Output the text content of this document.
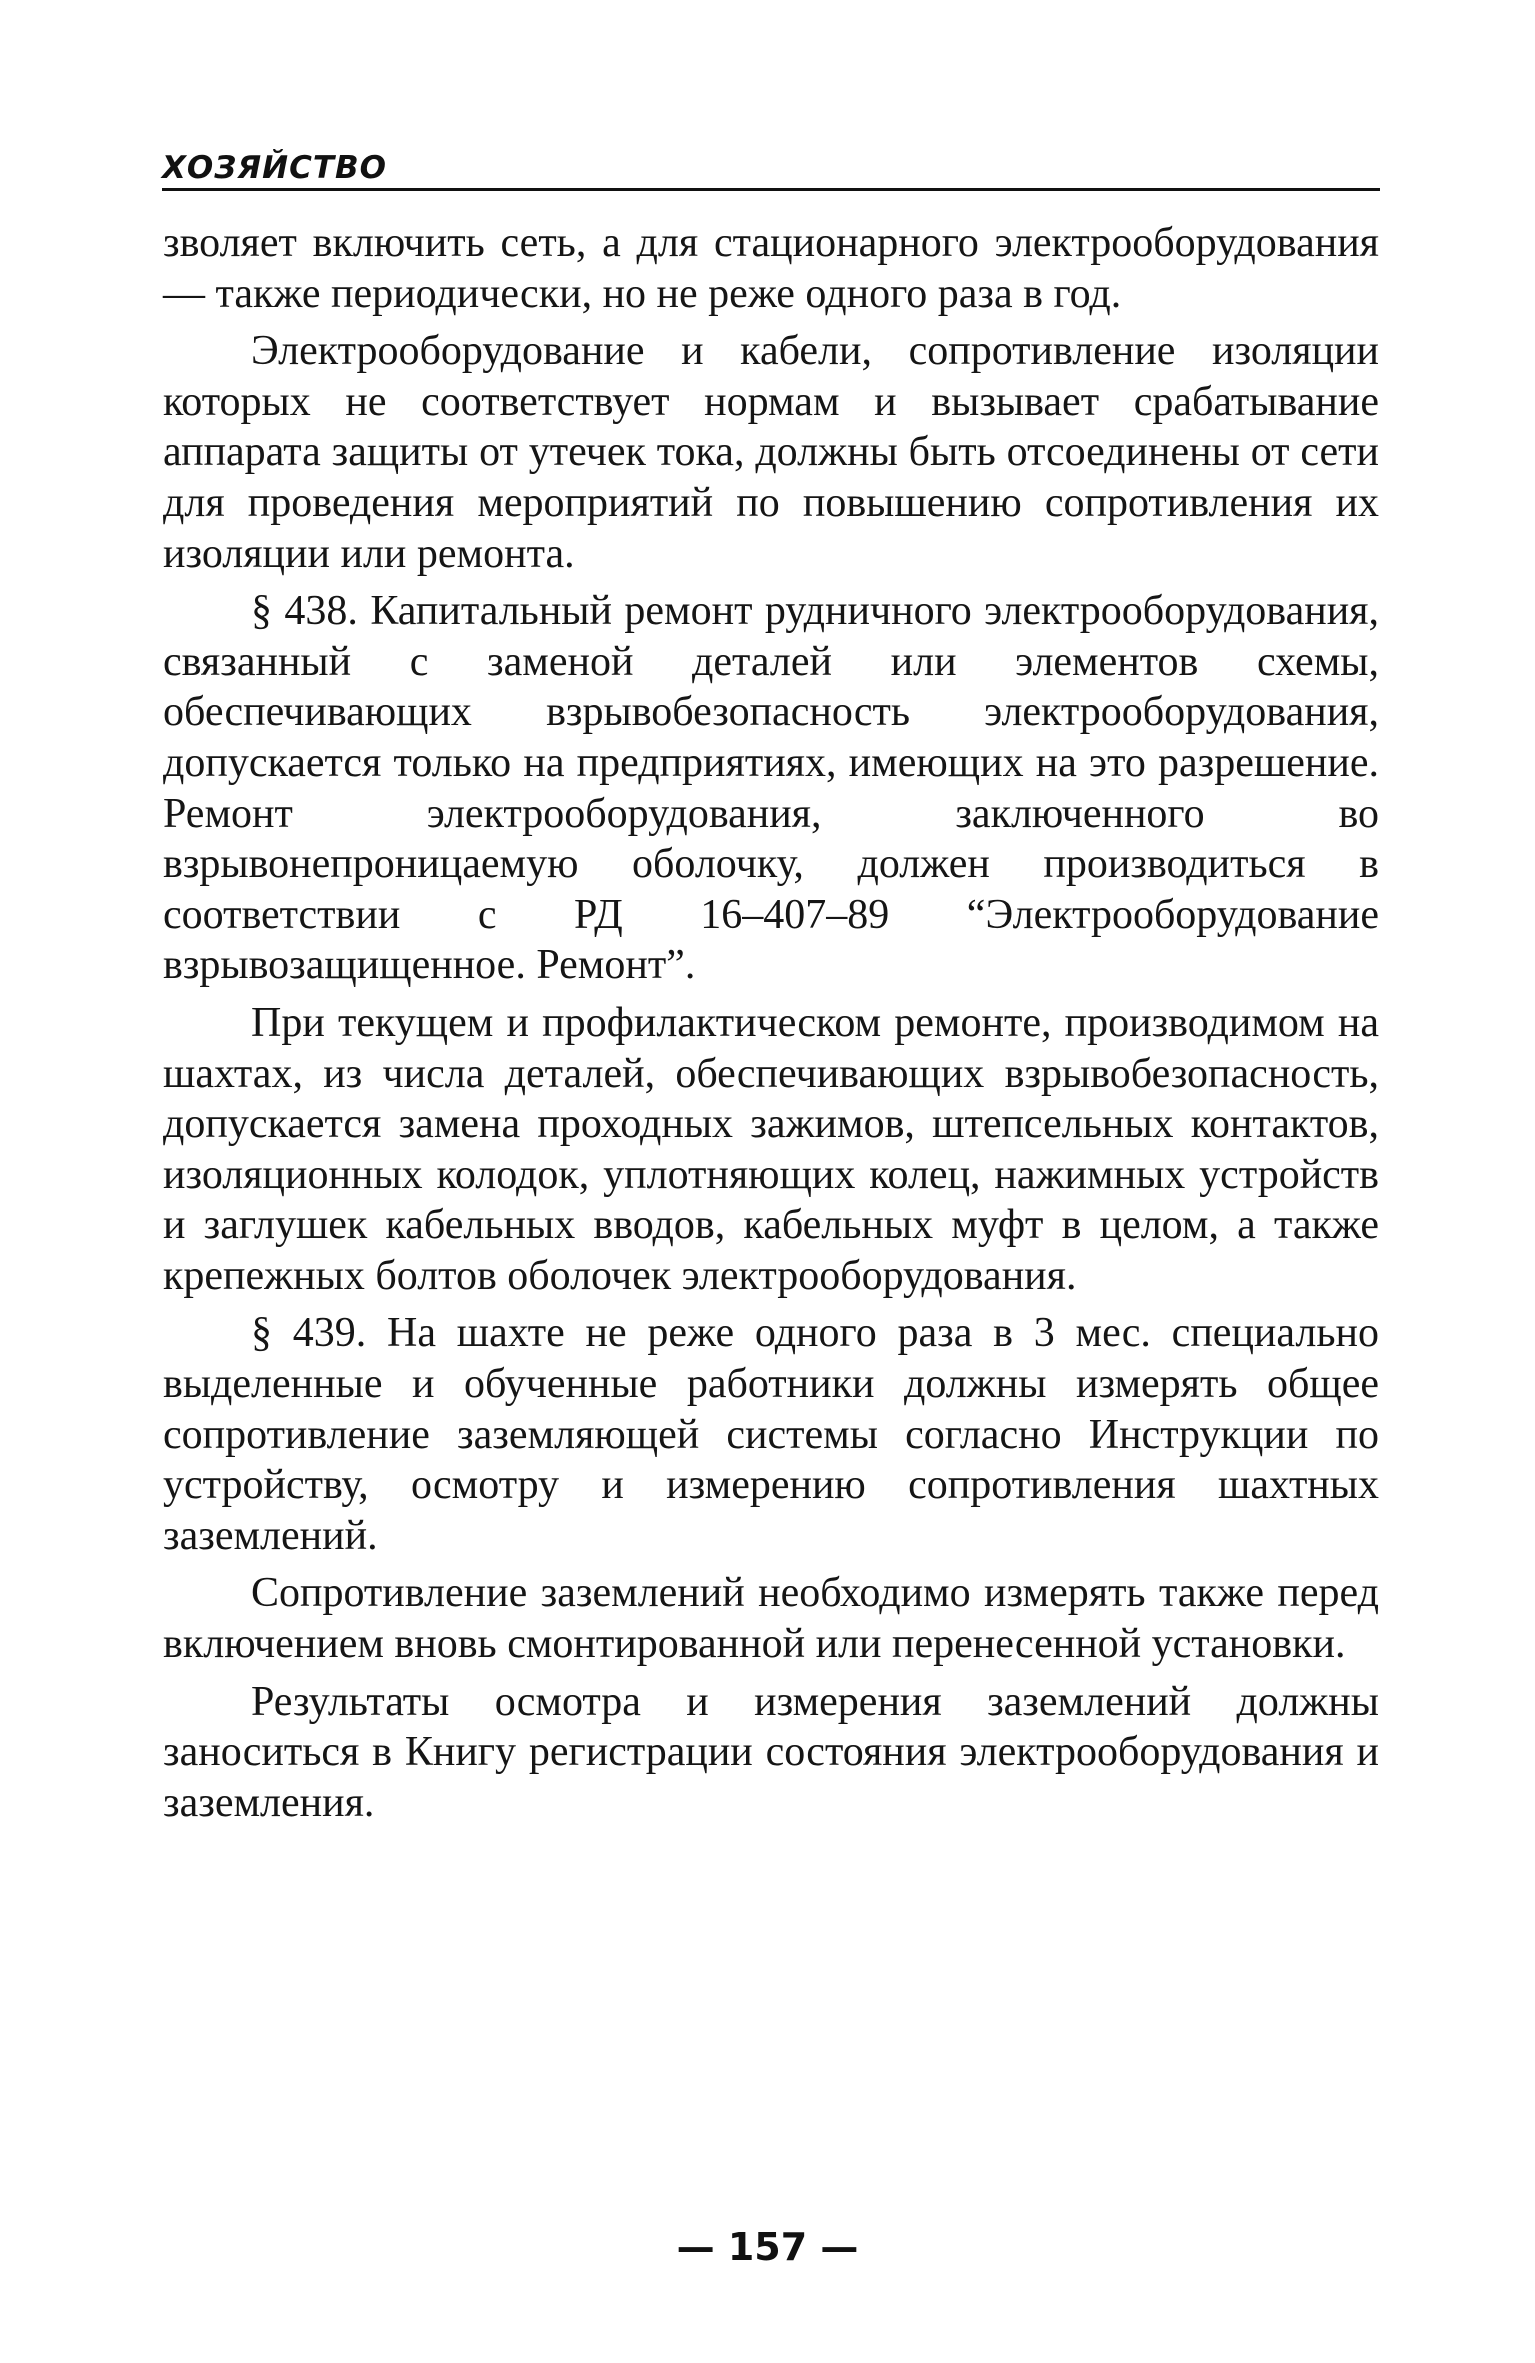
ХОЗЯЙСТВО

зволяет включить сеть, а для стационарного электрооборудования — также периодически, но не реже одного раза в год.

Электрооборудование и кабели, сопротивление изоляции которых не соответствует нормам и вызывает срабатывание аппарата защиты от утечек тока, должны быть отсоединены от сети для проведения мероприятий по повышению сопротивления их изоляции или ремонта.

§ 438. Капитальный ремонт рудничного электрооборудования, связанный с заменой деталей или элементов схемы, обеспечивающих взрывобезопасность электрооборудования, допускается только на предприятиях, имеющих на это разрешение. Ремонт электрооборудования, заключенного во взрывонепроницаемую оболочку, должен производиться в соответствии с РД 16–407–89 “Электрооборудование взрывозащищенное. Ремонт”.

При текущем и профилактическом ремонте, производимом на шахтах, из числа деталей, обеспечивающих взрывобезопасность, допускается замена проходных зажимов, штепсельных контактов, изоляционных колодок, уплотняющих колец, нажимных устройств и заглушек кабельных вводов, кабельных муфт в целом, а также крепежных болтов оболочек электрооборудования.

§ 439. На шахте не реже одного раза в 3 мес. специально выделенные и обученные работники должны измерять общее сопротивление заземляющей системы согласно Инструкции по устройству, осмотру и измерению сопротивления шахтных заземлений.

Сопротивление заземлений необходимо измерять также перед включением вновь смонтированной или перенесенной установки.

Результаты осмотра и измерения заземлений должны заноситься в Книгу регистрации состояния электрооборудования и заземления.

— 157 —
